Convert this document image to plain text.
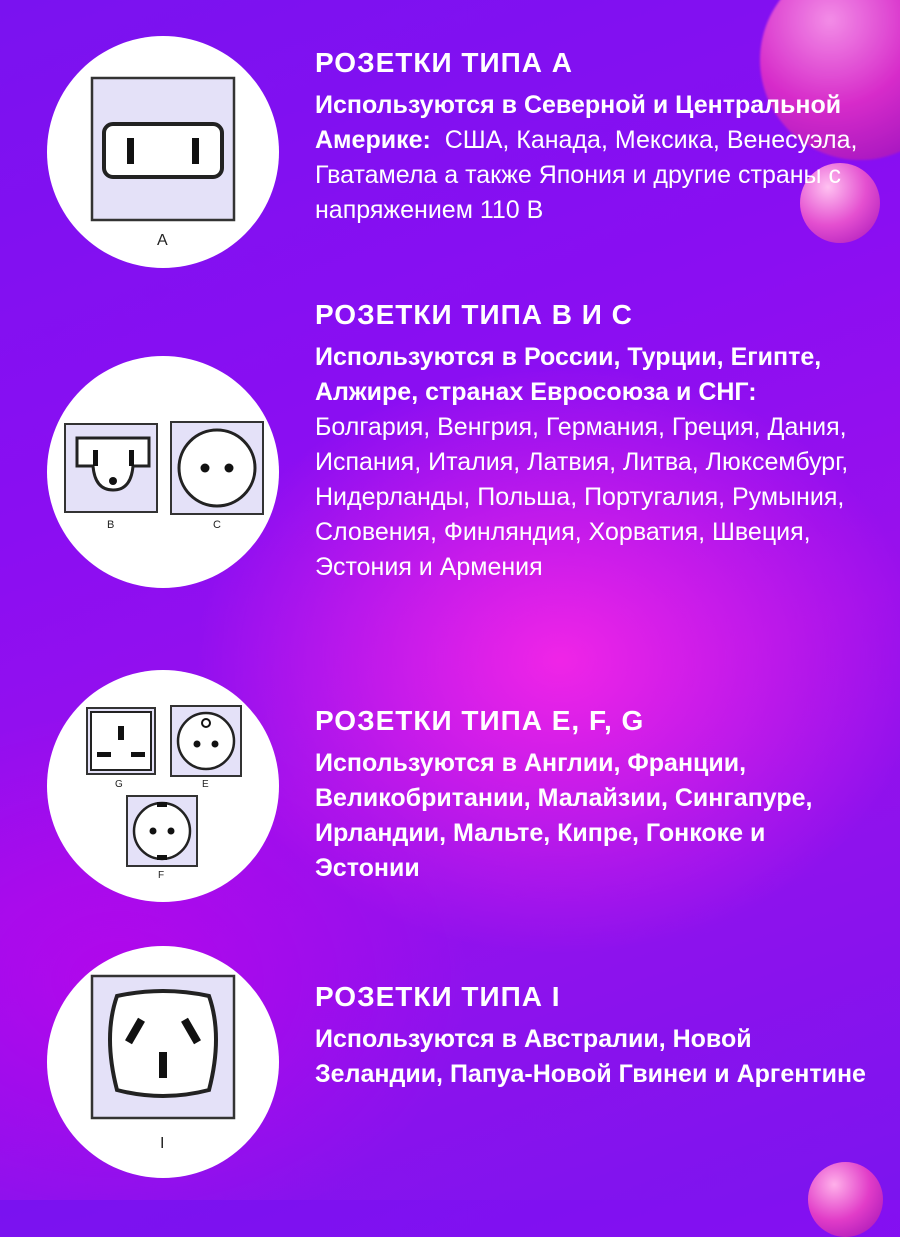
A

РОЗЕТКИ ТИПА А

Используются в Северной и Центральной Америке: США, Канада, Мексика, Венесуэла, Гватамела а также Япония и другие страны с напряжением 110 В

B	C

РОЗЕТКИ ТИПА В И С

Используются в России, Турции, Египте, Алжире, странах Евросоюза и СНГ:  Болгария, Венгрия, Германия, Греция, Дания, Испания, Италия, Латвия, Литва, Люксембург, Нидерланды, Польша, Португалия, Румыния, Словения, Финляндия, Хорватия, Швеция, Эстония и Армения

G	E
F

РОЗЕТКИ ТИПА E, F, G

Используются в Англии, Франции, Великобритании, Малайзии, Сингапуре, Ирландии, Мальте, Кипре, Гонкоке и Эстонии

I

РОЗЕТКИ ТИПА I

Используются в Австралии, Новой Зеландии, Папуа-Новой Гвинеи и Аргентине
